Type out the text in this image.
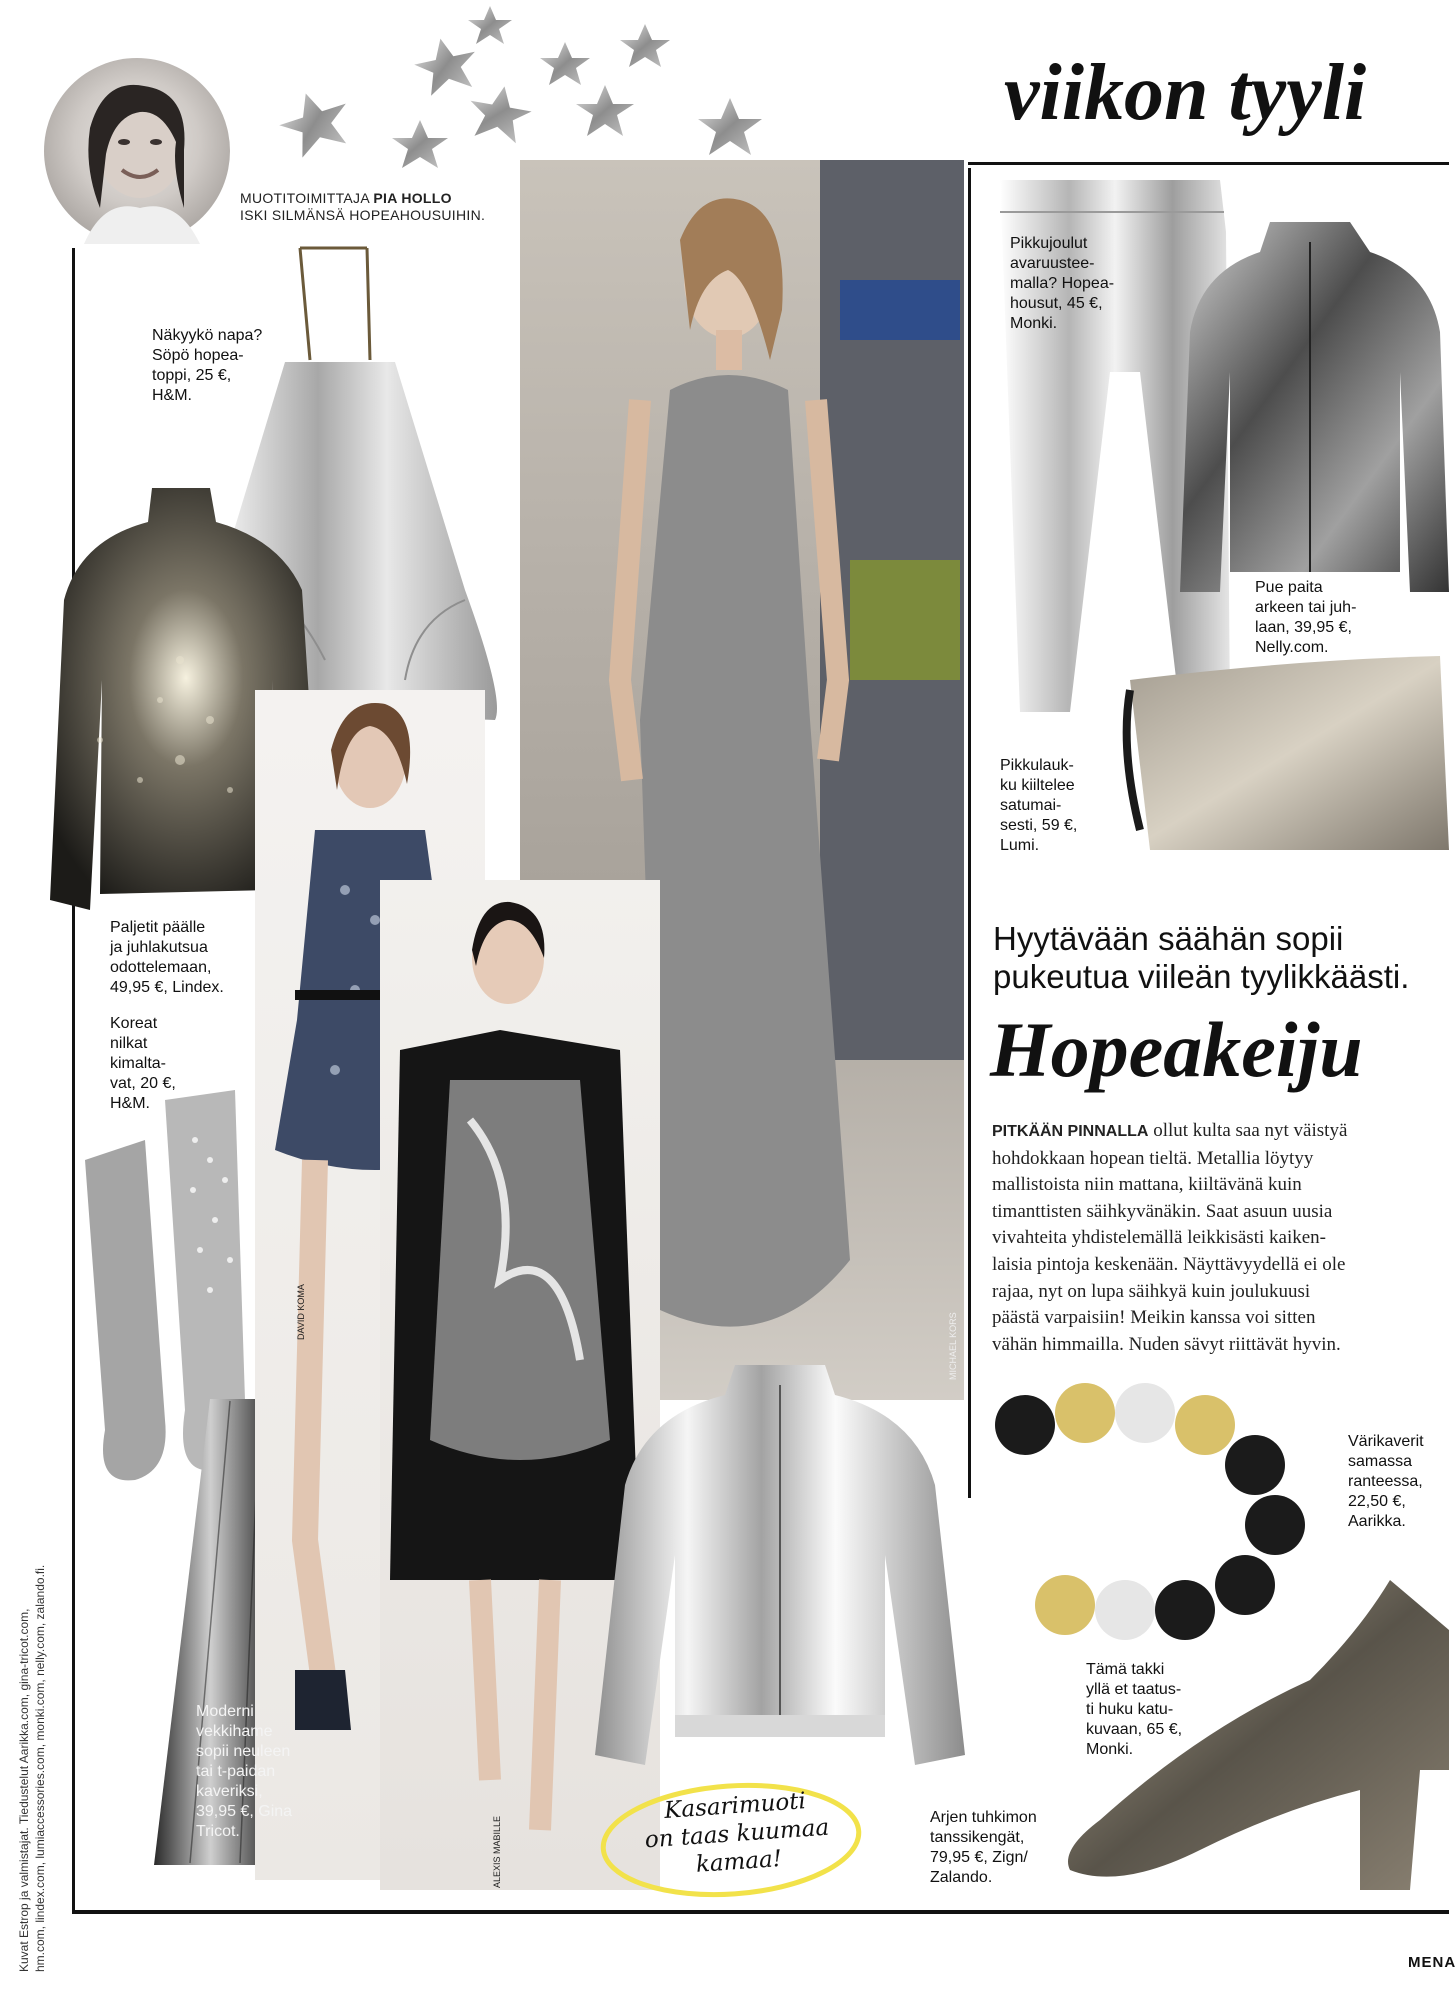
viikon tyyli
MUOTITOIMITTAJA PIA HOLLO
ISKI SILMÄNSÄ HOPEAHOUSUIHIN.
Kuvat Estrop ja valmistajat. Tiedustelut Aarikka.com, gina-tricot.com, hm.com, lindex.com, lumiaccessories.com, monki.com, nelly.com, zalando.fi.	Kasarimuoti
on taas kuumaa
kamaa!
DAVID KOMA
ALEXIS MABILLE
MICHAEL KORS
Näkyykö napa?
Söpö hopea-
toppi, 25 €,
H&M.
Paljetit päälle
ja juhlakutsua
odottelemaan,
49,95 €, Lindex.
Koreat
nilkat
kimalta-
vat, 20 €,
H&M.
Moderni
vekkihame
sopii neuleen
tai t-paidan
kaveriksi,
39,95 €, Gina
Tricot.
Pikkujoulut
avaruustee-
malla? Hopea-
housut, 45 €,
Monki.
Pue paita
arkeen tai juh-
laan, 39,95 €,
Nelly.com.
Pikkulauk-
ku kiiltelee
satumai-
sesti, 59 €,
Lumi.
Värikaverit
samassa
ranteessa,
22,50 €,
Aarikka.
Tämä takki
yllä et taatus-
ti huku katu-
kuvaan, 65 €,
Monki.
Arjen tuhkimon
tanssikengät,
79,95 €, Zign/
Zalando.
Hyytävään säähän sopii
pukeutua viileän tyylikkäästi.
Hopeakeiju
PITKÄÄN PINNALLA ollut kulta saa nyt väistyä
hohdokkaan hopean tieltä. Metallia löytyy
mallistoista niin mattana, kiiltävänä kuin
timanttisten säihkyvänäkin. Saat asuun uusia
vivahteita yhdistelemällä leikkisästi kaiken-
laisia pintoja keskenään. Näyttävyydellä ei ole
rajaa, nyt on lupa säihkyä kuin joulukuusi
päästä varpaisiin! Meikin kanssa voi sitten
vähän himmailla. Nuden sävyt riittävät hyvin.
MENA
